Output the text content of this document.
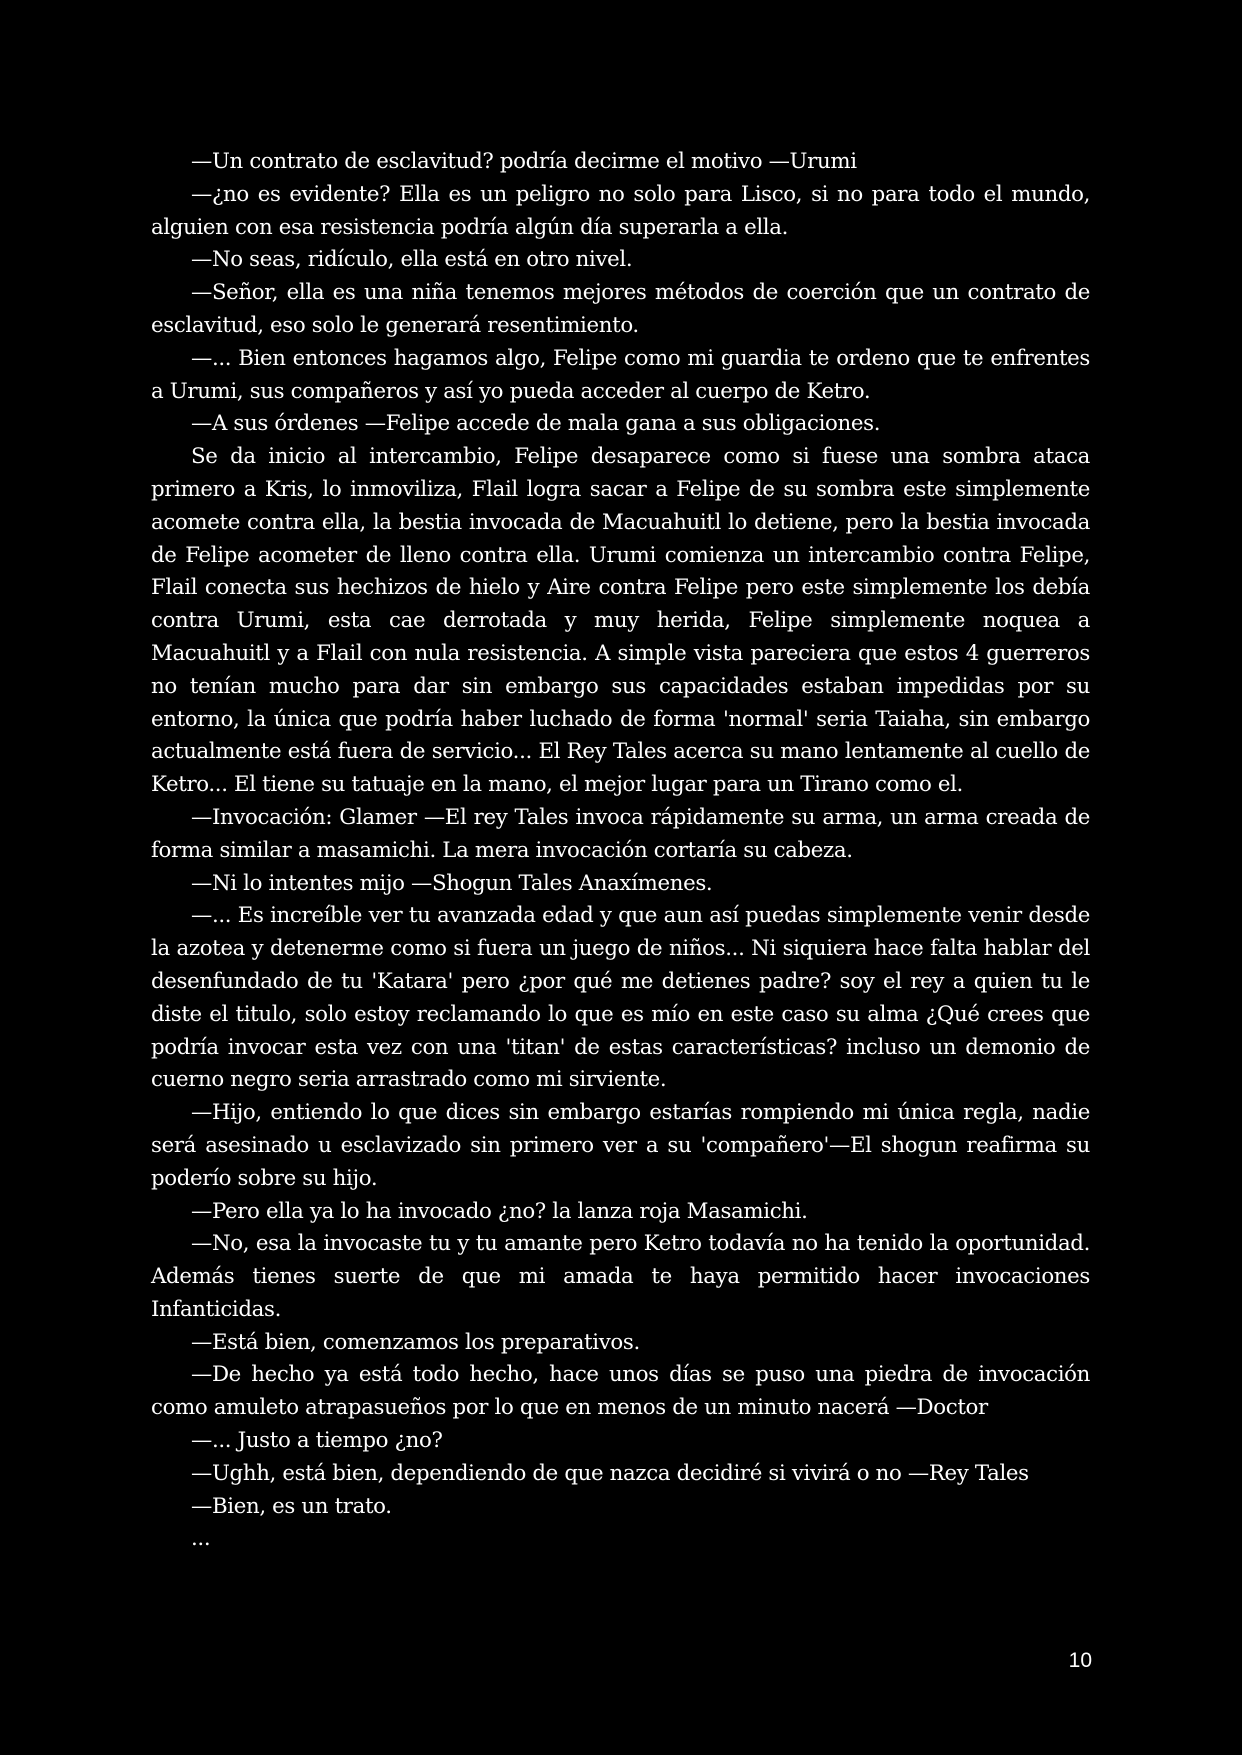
—Un contrato de esclavitud? podría decirme el motivo —Urumi

—¿no es evidente? Ella es un peligro no solo para Lisco, si no para todo el mundo, alguien con esa resistencia podría algún día superarla a ella.

—No seas, ridículo, ella está en otro nivel.

—Señor, ella es una niña tenemos mejores métodos de coerción que un contrato de esclavitud, eso solo le generará resentimiento.

—... Bien entonces hagamos algo, Felipe como mi guardia te ordeno que te enfrentes a Urumi, sus compañeros y así yo pueda acceder al cuerpo de Ketro.

—A sus órdenes —Felipe accede de mala gana a sus obligaciones.

Se da inicio al intercambio, Felipe desaparece como si fuese una sombra ataca primero a Kris, lo inmoviliza, Flail logra sacar a Felipe de su sombra este simplemente acomete contra ella, la bestia invocada de Macuahuitl lo detiene, pero la bestia invocada de Felipe acometer de lleno contra ella. Urumi comienza un intercambio contra Felipe, Flail conecta sus hechizos de hielo y Aire contra Felipe pero este simplemente los debía contra Urumi, esta cae derrotada y muy herida, Felipe simplemente noquea a Macuahuitl y a Flail con nula resistencia. A simple vista pareciera que estos 4 guerreros no tenían mucho para dar sin embargo sus capacidades estaban impedidas por su entorno, la única que podría haber luchado de forma 'normal' seria Taiaha, sin embargo actualmente está fuera de servicio... El Rey Tales acerca su mano lentamente al cuello de Ketro... El tiene su tatuaje en la mano, el mejor lugar para un Tirano como el.

—Invocación: Glamer —El rey Tales invoca rápidamente su arma, un arma creada de forma similar a masamichi. La mera invocación cortaría su cabeza.

—Ni lo intentes mijo —Shogun Tales Anaxímenes.

—... Es increíble ver tu avanzada edad y que aun así puedas simplemente venir desde la azotea y detenerme como si fuera un juego de niños... Ni siquiera hace falta hablar del desenfundado de tu 'Katara' pero ¿por qué me detienes padre? soy el rey a quien tu le diste el titulo, solo estoy reclamando lo que es mío en este caso su alma ¿Qué crees que podría invocar esta vez con una 'titan' de estas características? incluso un demonio de cuerno negro seria arrastrado como mi sirviente.

—Hijo, entiendo lo que dices sin embargo estarías rompiendo mi única regla, nadie será asesinado u esclavizado sin primero ver a su 'compañero'—El shogun reafirma su poderío sobre su hijo.

—Pero ella ya lo ha invocado ¿no? la lanza roja Masamichi.

—No, esa la invocaste tu y tu amante pero Ketro todavía no ha tenido la oportunidad. Además tienes suerte de que mi amada te haya permitido hacer invocaciones Infanticidas.

—Está bien, comenzamos los preparativos.

—De hecho ya está todo hecho, hace unos días se puso una piedra de invocación como amuleto atrapasueños por lo que en menos de un minuto nacerá —Doctor

—... Justo a tiempo ¿no?

—Ughh, está bien, dependiendo de que nazca decidiré si vivirá o no —Rey Tales

—Bien, es un trato.

...

10
